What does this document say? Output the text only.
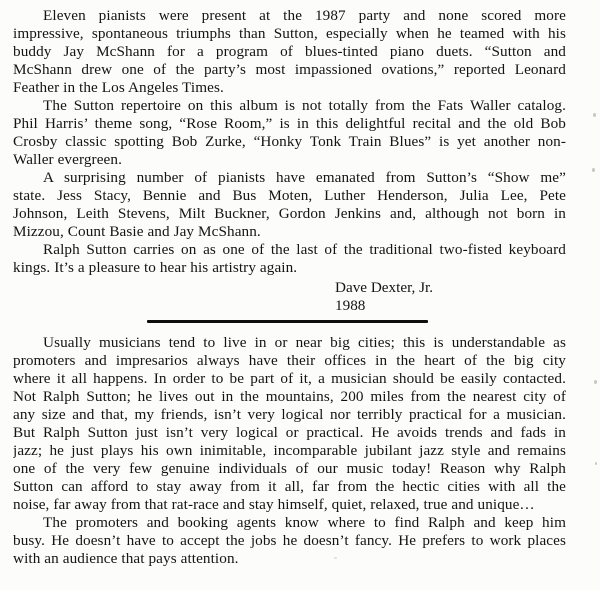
Eleven pianists were present at the 1987 party and none scored more
impressive, spontaneous triumphs than Sutton, especially when he teamed with his
buddy Jay McShann for a program of blues-tinted piano duets. “Sutton and
McShann drew one of the party’s most impassioned ovations,” reported Leonard
Feather in the Los Angeles Times.
The Sutton repertoire on this album is not totally from the Fats Waller catalog.
Phil Harris’ theme song, “Rose Room,” is in this delightful recital and the old Bob
Crosby classic spotting Bob Zurke, “Honky Tonk Train Blues” is yet another non-
Waller evergreen.
A surprising number of pianists have emanated from Sutton’s “Show me”
state. Jess Stacy, Bennie and Bus Moten, Luther Henderson, Julia Lee, Pete
Johnson, Leith Stevens, Milt Buckner, Gordon Jenkins and, although not born in
Mizzou, Count Basie and Jay McShann.
Ralph Sutton carries on as one of the last of the traditional two-fisted keyboard
kings. It’s a pleasure to hear his artistry again.
Dave Dexter, Jr.
1988
Usually musicians tend to live in or near big cities; this is understandable as
promoters and impresarios always have their offices in the heart of the big city
where it all happens. In order to be part of it, a musician should be easily contacted.
Not Ralph Sutton; he lives out in the mountains, 200 miles from the nearest city of
any size and that, my friends, isn’t very logical nor terribly practical for a musician.
But Ralph Sutton just isn’t very logical or practical. He avoids trends and fads in
jazz; he just plays his own inimitable, incomparable jubilant jazz style and remains
one of the very few genuine individuals of our music today! Reason why Ralph
Sutton can afford to stay away from it all, far from the hectic cities with all the
noise, far away from that rat-race and stay himself, quiet, relaxed, true and unique…
The promoters and booking agents know where to find Ralph and keep him
busy. He doesn’t have to accept the jobs he doesn’t fancy. He prefers to work places
with an audience that pays attention.
